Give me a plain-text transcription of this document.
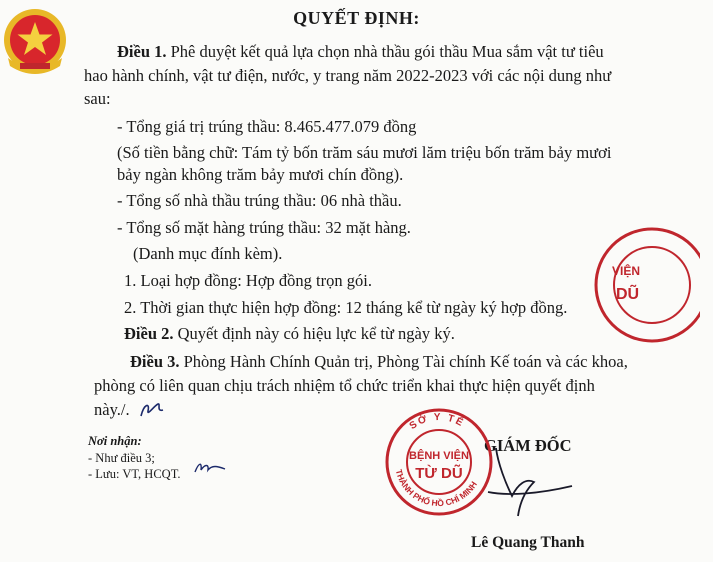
QUYẾT ĐỊNH:
Điều 1. Phê duyệt kết quả lựa chọn nhà thầu gói thầu Mua sắm vật tư tiêu
hao hành chính, vật tư điện, nước, y trang năm 2022-2023 với các nội dung như
sau:
- Tổng giá trị trúng thầu: 8.465.477.079 đồng
(Số tiền bằng chữ: Tám tỷ bốn trăm sáu mươi lăm triệu bốn trăm bảy mươi
bảy ngàn không trăm bảy mươi chín đồng).
- Tổng số nhà thầu trúng thầu: 06 nhà thầu.
- Tổng số mặt hàng trúng thầu: 32 mặt hàng.
(Danh mục đính kèm).
1. Loại hợp đồng: Hợp đồng trọn gói.
2. Thời gian thực hiện hợp đồng: 12 tháng kể từ ngày ký hợp đồng.
Điều 2. Quyết định này có hiệu lực kể từ ngày ký.
Điều 3. Phòng Hành Chính Quản trị, Phòng Tài chính Kế toán và các khoa,
phòng có liên quan chịu trách nhiệm tổ chức triển khai thực hiện quyết định
này./.
Nơi nhận:
- Như điều 3;
- Lưu: VT, HCQT.
GIÁM ĐỐC
Lê Quang Thanh
VIỆN
DŨ
SỞ Y TẾ
THÀNH PHỐ HỒ CHÍ MINH
BỆNH VIỆN
TỪ DŨ
